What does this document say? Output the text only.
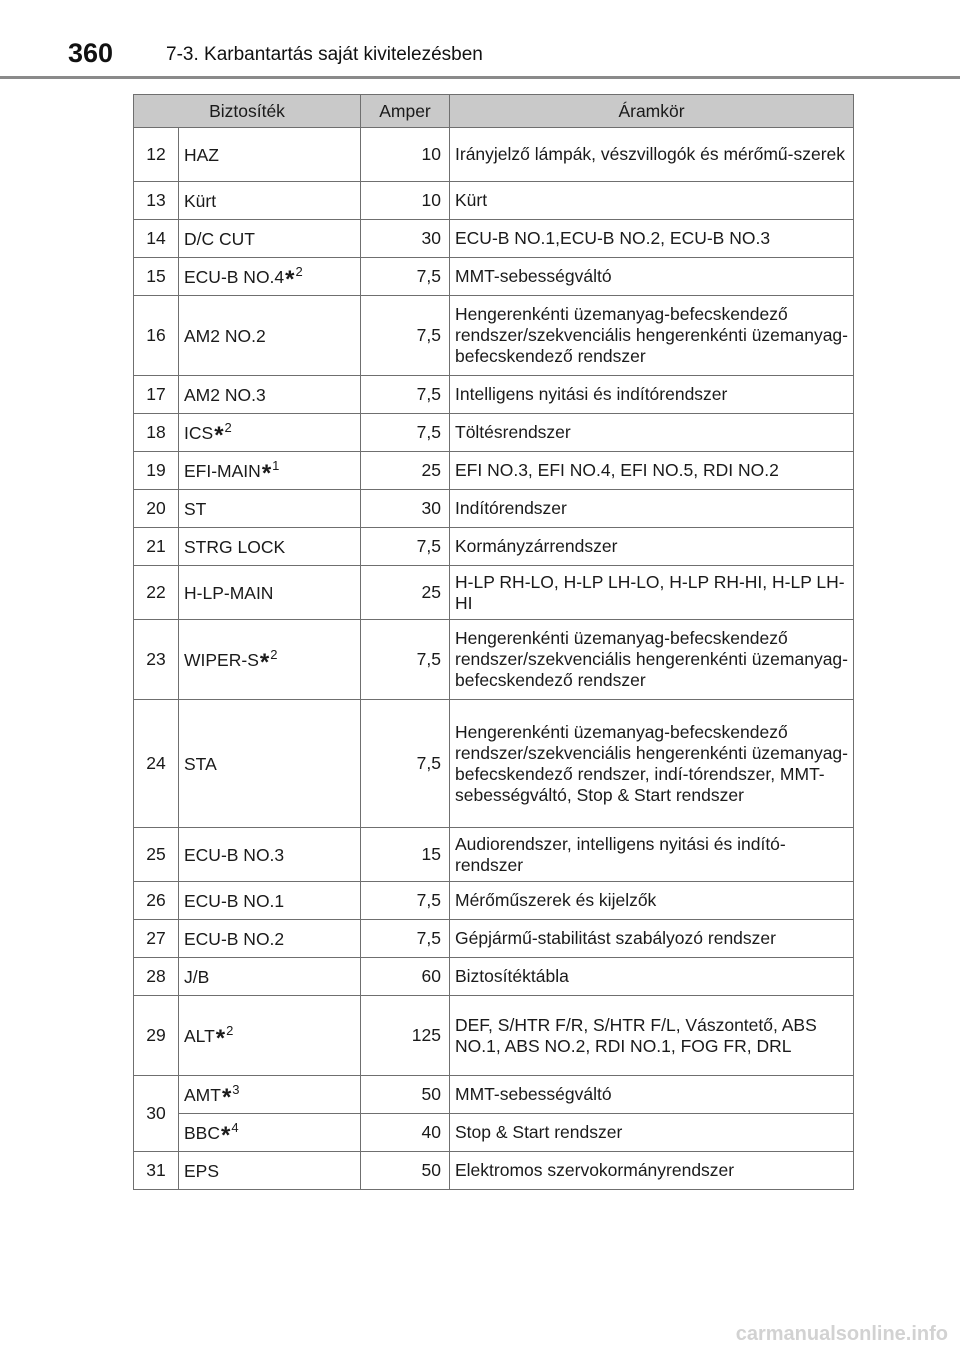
360	7-3. Karbantartás saját kivitelezésben
Biztosíték		Amper	Áramkör
12	HAZ	10	Irányjelző lámpák, vészvillogók és mérőmű-szerek
13	Kürt	10	Kürt
14	D/C CUT	30	ECU-B NO.1,ECU-B NO.2, ECU-B NO.3
15	ECU-B NO.4*$^2$	7,5	MMT-sebességváltó
16	AM2 NO.2	7,5	Hengerenkénti üzemanyag-befecskendező rendszer/szekvenciális hengerenkénti üzemanyag-befecskendező rendszer
17	AM2 NO.3	7,5	Intelligens nyitási és indítórendszer
18	ICS*$^2$	7,5	Töltésrendszer
19	EFI-MAIN*$^1$	25	EFI NO.3, EFI NO.4, EFI NO.5, RDI NO.2
20	ST	30	Indítórendszer
21	STRG LOCK	7,5	Kormányzárrendszer
22	H-LP-MAIN	25	H-LP RH-LO, H-LP LH-LO, H-LP RH-HI, H-LP LH-HI
23	WIPER-S*$^2$	7,5	Hengerenkénti üzemanyag-befecskendező rendszer/szekvenciális hengerenkénti üzemanyag-befecskendező rendszer
24	STA	7,5	Hengerenkénti üzemanyag-befecskendező rendszer/szekvenciális hengerenkénti üzemanyag-befecskendező rendszer, indí-tórendszer, MMT-sebességváltó, Stop & Start rendszer
25	ECU-B NO.3	15	Audiorendszer, intelligens nyitási és indító-rendszer
26	ECU-B NO.1	7,5	Mérőműszerek és kijelzők
27	ECU-B NO.2	7,5	Gépjármű-stabilitást szabályozó rendszer
28	J/B	60	Biztosítéktábla
29	ALT*$^2$	125	DEF, S/HTR F/R, S/HTR F/L, Vászontető, ABS NO.1, ABS NO.2, RDI NO.1, FOG FR, DRL
30	AMT*$^3$	50	MMT-sebességváltó
	BBC*$^4$	40	Stop & Start rendszer
31	EPS	50	Elektromos szervokormányrendszer
carmanualsonline.info
